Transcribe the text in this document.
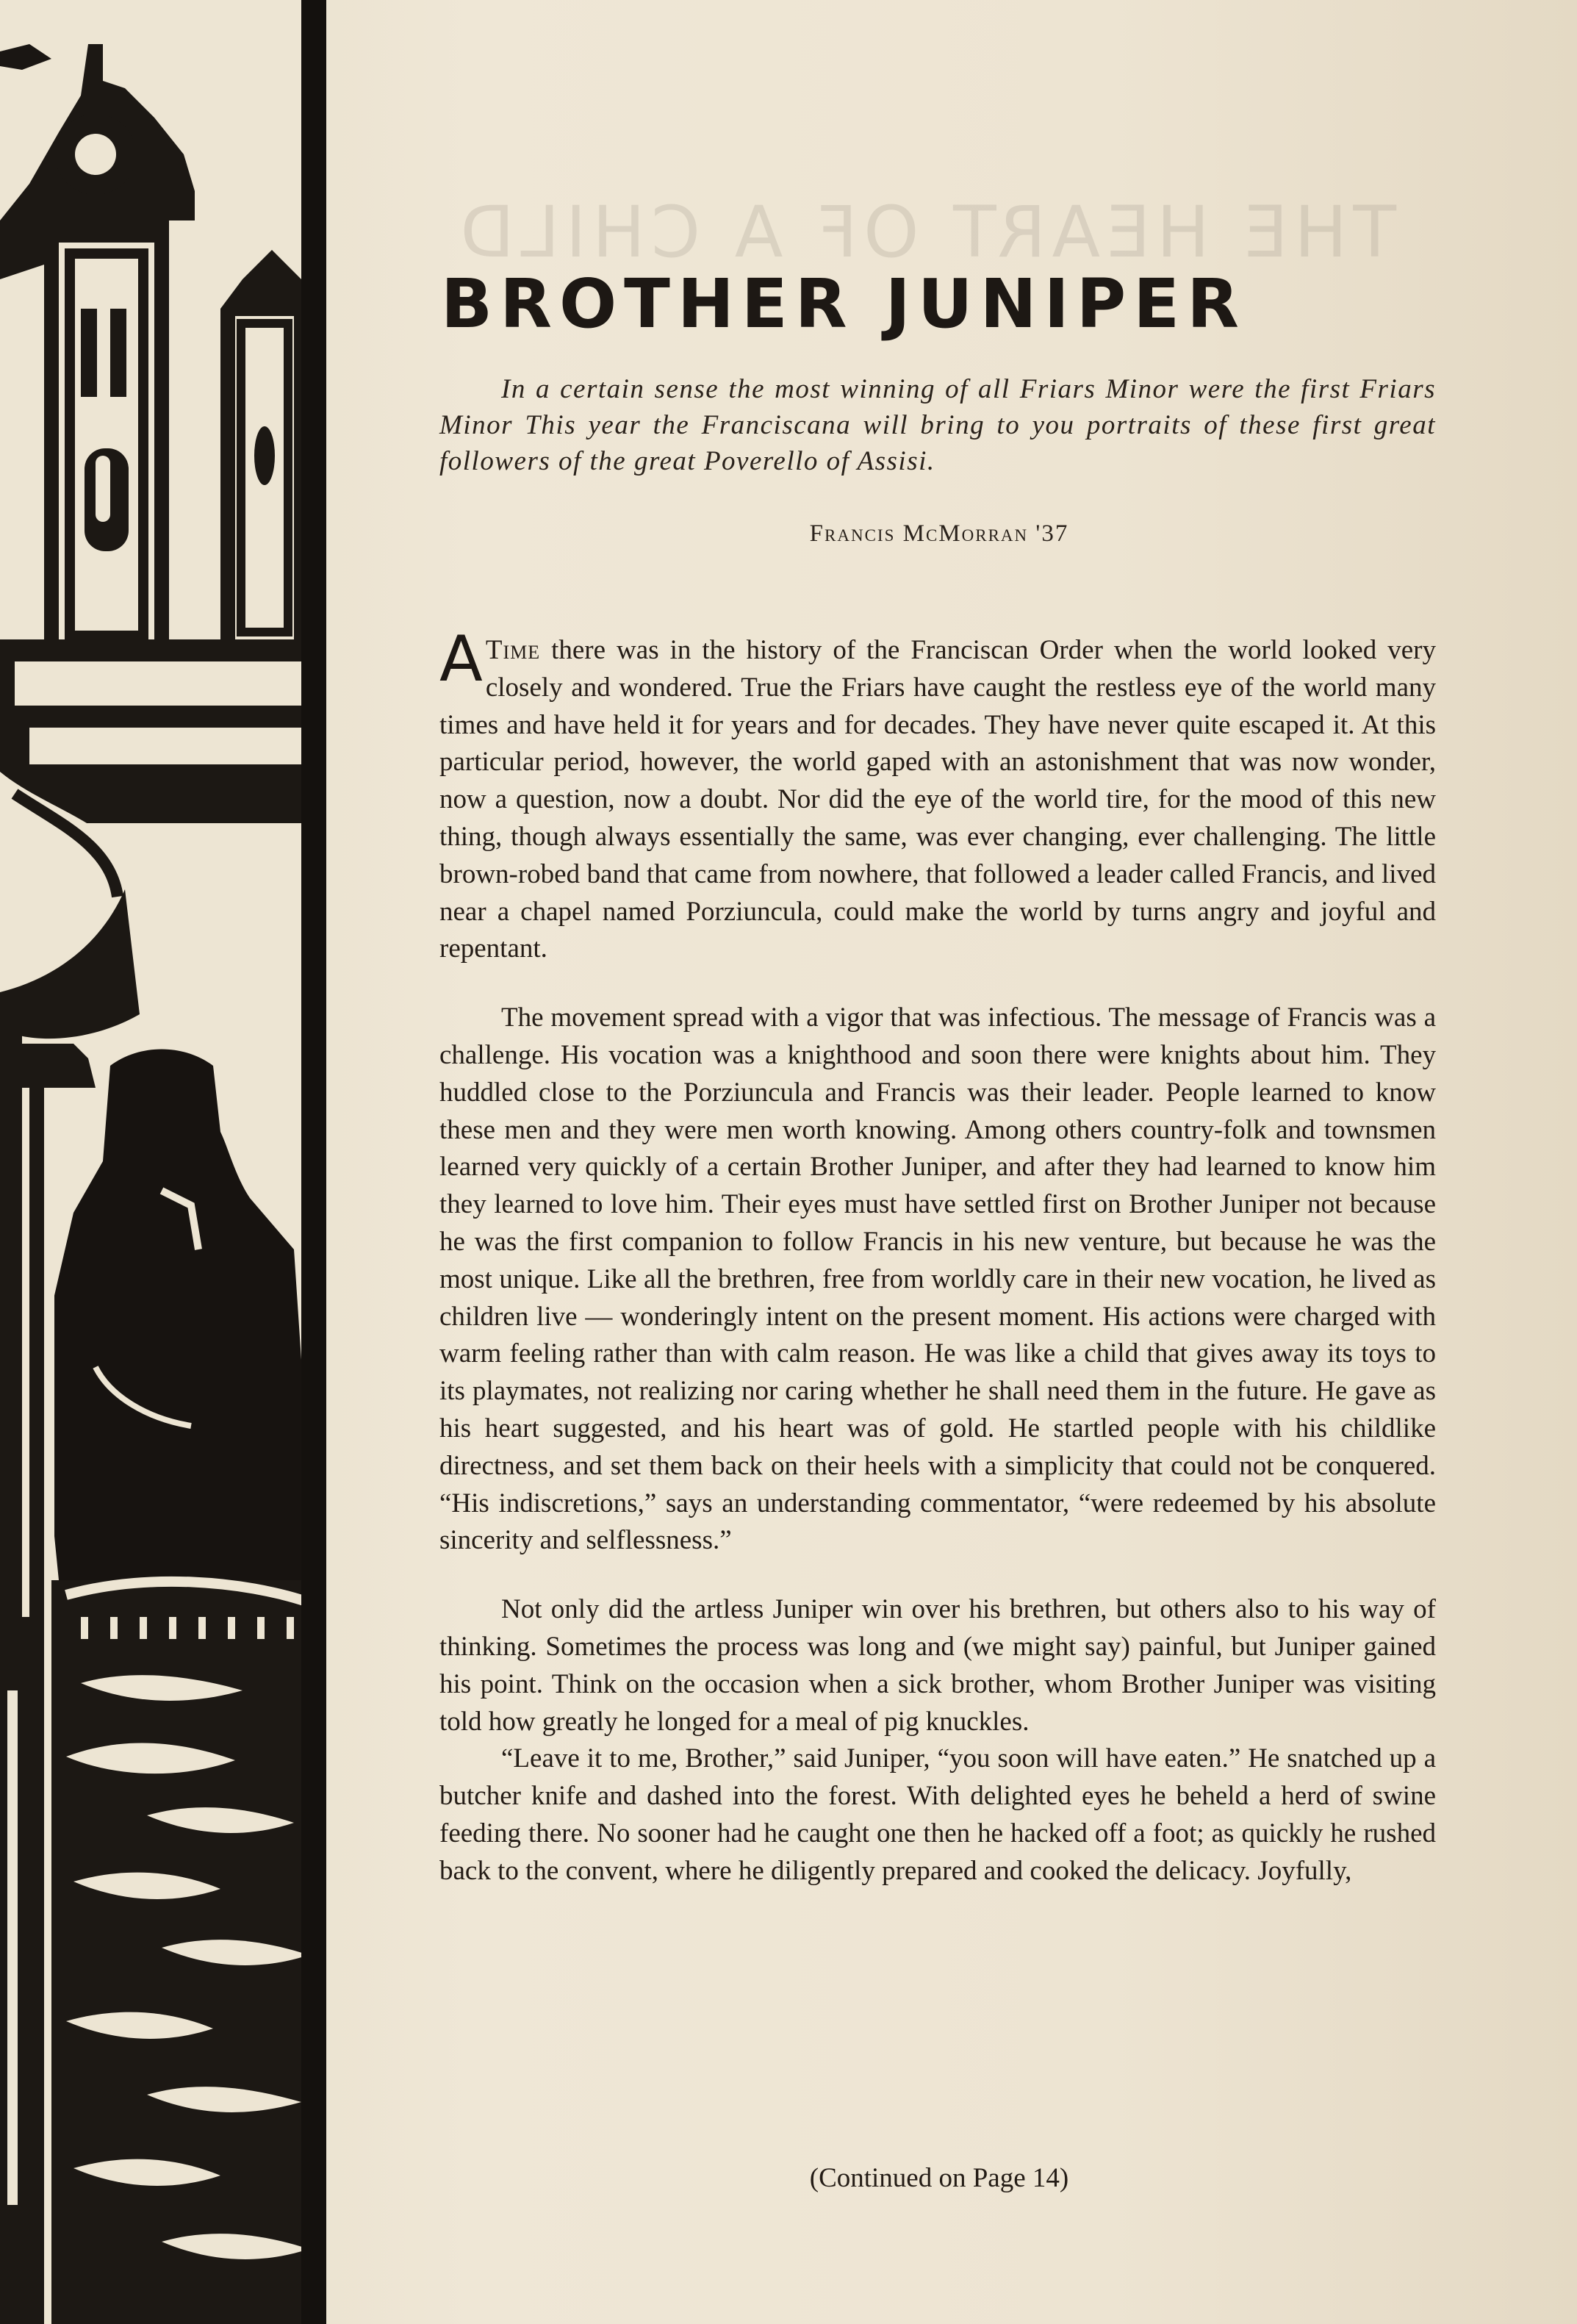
THE HEART OF A CHILD
BROTHER JUNIPER

In a certain sense the most winning of all Friars Minor were the first Friars Minor This year the Franciscana will bring to you portraits of these first great followers of the great Poverello of Assisi.

Francis McMorran '37

A Time there was in the history of the Franciscan Order when the world looked very closely and wondered. True the Friars have caught the restless eye of the world many times and have held it for years and for decades. They have never quite escaped it. At this particular period, however, the world gaped with an astonishment that was now wonder, now a question, now a doubt. Nor did the eye of the world tire, for the mood of this new thing, though always essentially the same, was ever changing, ever challenging. The little brown-robed band that came from nowhere, that followed a leader called Francis, and lived near a chapel named Porziuncula, could make the world by turns angry and joyful and repentant.

The movement spread with a vigor that was infectious. The message of Francis was a challenge. His vocation was a knighthood and soon there were knights about him. They huddled close to the Porziuncula and Francis was their leader. People learned to know these men and they were men worth knowing. Among others country-folk and townsmen learned very quickly of a certain Brother Juniper, and after they had learned to know him they learned to love him. Their eyes must have settled first on Brother Juniper not because he was the first companion to follow Francis in his new venture, but because he was the most unique. Like all the brethren, free from worldly care in their new vocation, he lived as children live — wonderingly intent on the present moment. His actions were charged with warm feeling rather than with calm reason. He was like a child that gives away its toys to its playmates, not realizing nor caring whether he shall need them in the future. He gave as his heart suggested, and his heart was of gold. He startled people with his childlike directness, and set them back on their heels with a simplicity that could not be conquered. “His indiscretions,” says an understanding commentator, “were redeemed by his absolute sincerity and selflessness.”

Not only did the artless Juniper win over his brethren, but others also to his way of thinking. Sometimes the process was long and (we might say) painful, but Juniper gained his point. Think on the occasion when a sick brother, whom Brother Juniper was visiting told how greatly he longed for a meal of pig knuckles.

“Leave it to me, Brother,” said Juniper, “you soon will have eaten.” He snatched up a butcher knife and dashed into the forest. With delighted eyes he beheld a herd of swine feeding there. No sooner had he caught one then he hacked off a foot; as quickly he rushed back to the convent, where he diligently prepared and cooked the delicacy. Joyfully,

(Continued on Page 14)
